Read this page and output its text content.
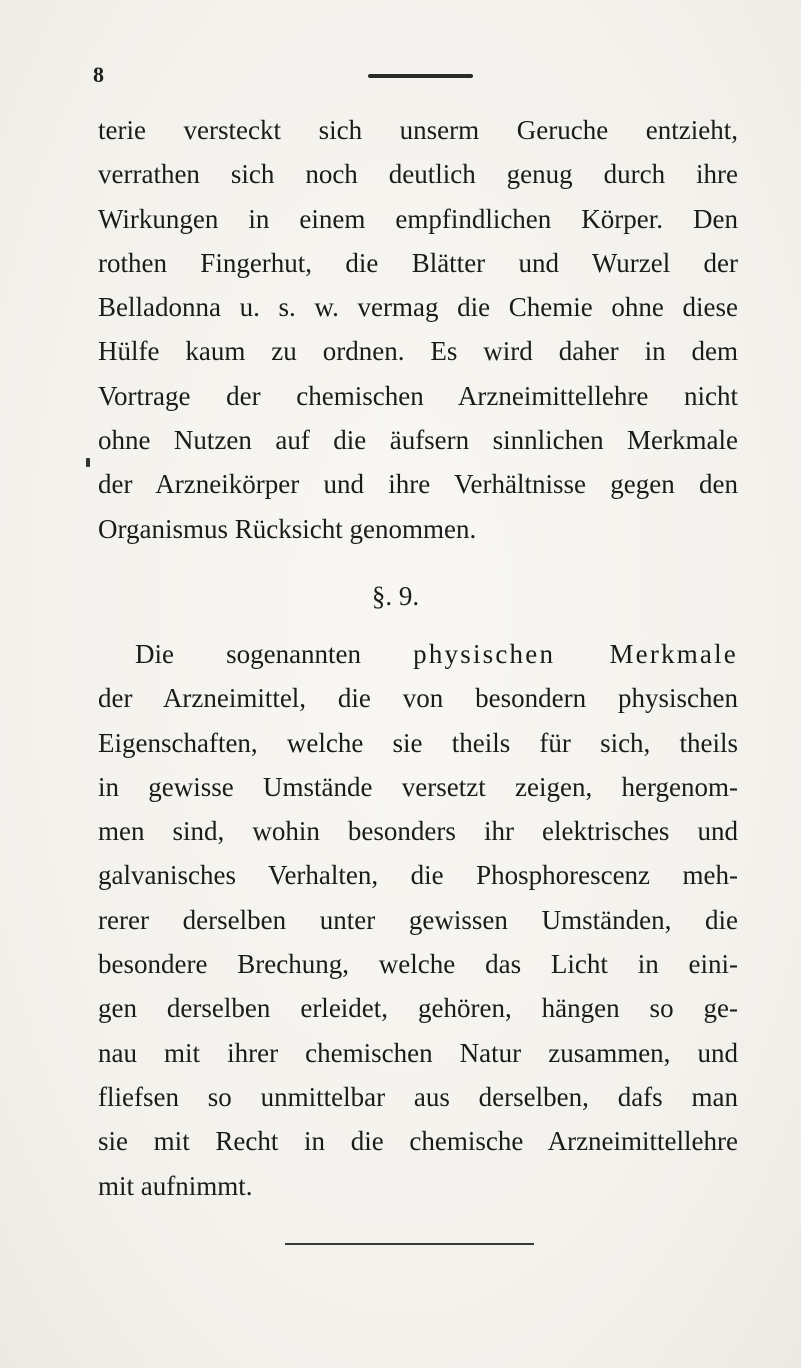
8
terie versteckt sich unserm Geruche entzieht,
verrathen sich noch deutlich genug durch ihre
Wirkungen in einem empfindlichen Körper. Den
rothen Fingerhut, die Blätter und Wurzel der
Belladonna u. s. w. vermag die Chemie ohne diese
Hülfe kaum zu ordnen. Es wird daher in dem
Vortrage der chemischen Arzneimittellehre nicht
ohne Nutzen auf die äufsern sinnlichen Merkmale
der Arzneikörper und ihre Verhältnisse gegen den
Organismus Rücksicht genommen.
§. 9.
Die sogenannten physischen Merkmale
der Arzneimittel, die von besondern physischen
Eigenschaften, welche sie theils für sich, theils
in gewisse Umstände versetzt zeigen, hergenom-
men sind, wohin besonders ihr elektrisches und
galvanisches Verhalten, die Phosphorescenz meh-
rerer derselben unter gewissen Umständen, die
besondere Brechung, welche das Licht in eini-
gen derselben erleidet, gehören, hängen so ge-
nau mit ihrer chemischen Natur zusammen, und
fliefsen so unmittelbar aus derselben, dafs man
sie mit Recht in die chemische Arzneimittellehre
mit aufnimmt.
